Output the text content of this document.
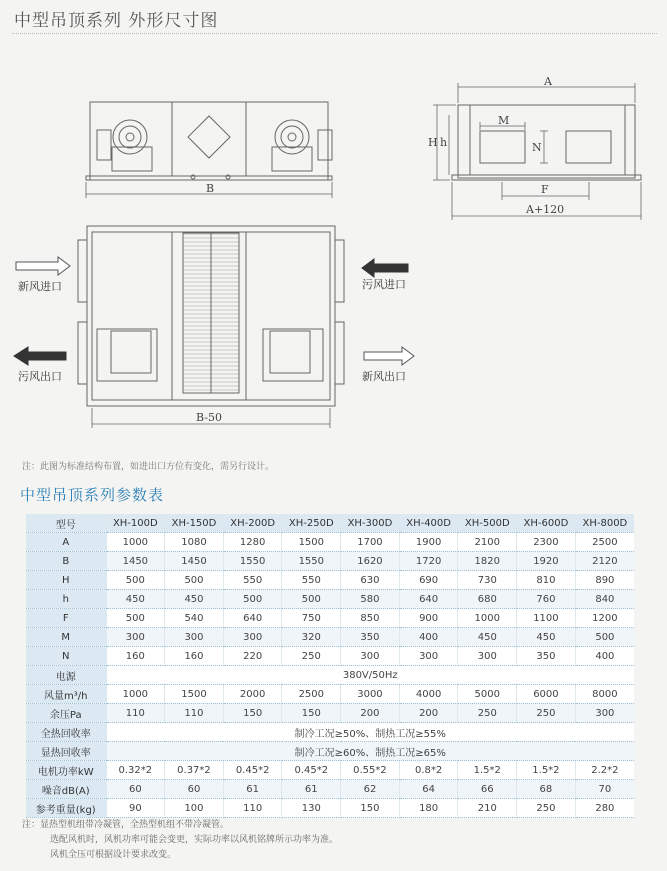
中型吊顶系列 外形尺寸图
B
A
H h
M
N
F
A+120
B-50
新风进口	污风进口
污风出口	新风出口
注：此图为标准结构布置，如进出口方位有变化，需另行设计。
中型吊顶系列参数表
型号	XH-100D	XH-150D	XH-200D	XH-250D	XH-300D	XH-400D	XH-500D	XH-600D	XH-800D
A	1000	1080	1280	1500	1700	1900	2100	2300	2500
B	1450	1450	1550	1550	1620	1720	1820	1920	2120
H	500	500	550	550	630	690	730	810	890
h	450	450	500	500	580	640	680	760	840
F	500	540	640	750	850	900	1000	1100	1200
M	300	300	300	320	350	400	450	450	500
N	160	160	220	250	300	300	300	350	400
电源	380V/50Hz								
风量m³/h	1000	1500	2000	2500	3000	4000	5000	6000	8000
余压Pa	110	110	150	150	200	200	250	250	300
全热回收率	制冷工况≥50%、制热工况≥55%								
显热回收率	制冷工况≥60%、制热工况≥65%								
电机功率kW	0.32*2	0.37*2	0.45*2	0.45*2	0.55*2	0.8*2	1.5*2	1.5*2	2.2*2
噪音dB(A)	60	60	61	61	62	64	66	68	70
参考重量(kg)	90	100	110	130	150	180	210	250	280
注：显热型机组带冷凝管，全热型机组不带冷凝管。
选配风机时，风机功率可能会变更，实际功率以风机铭牌所示功率为准。
风机全压可根据设计要求改变。
